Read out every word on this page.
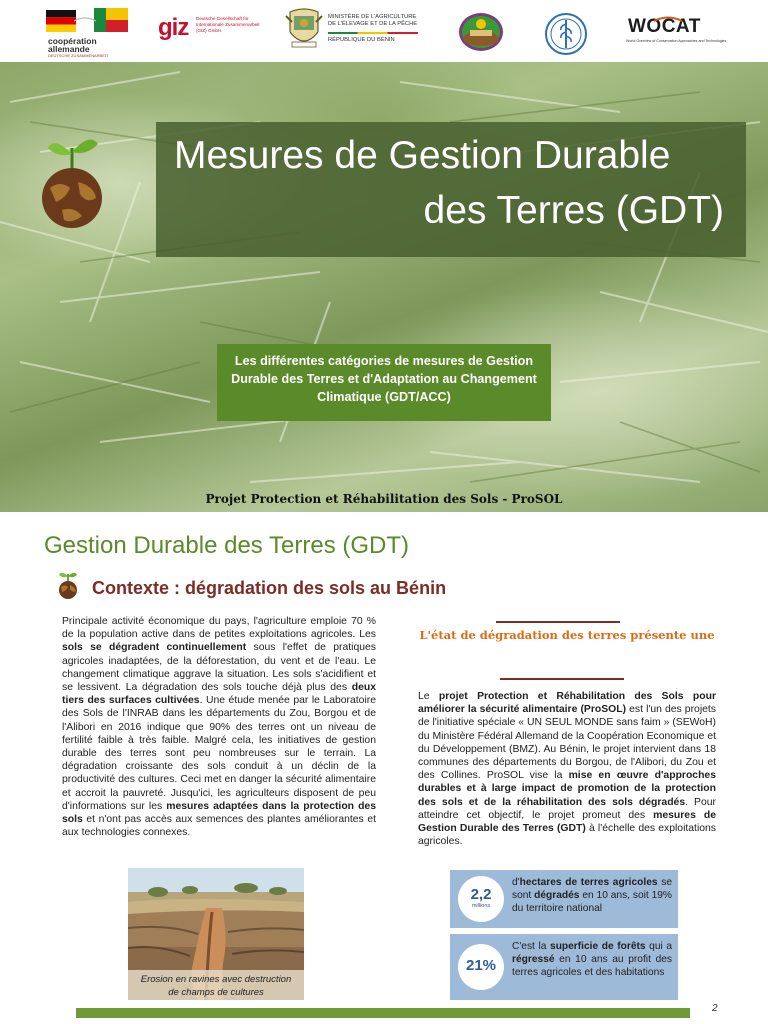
coopération
allemande
DEUTSCHE ZUSAMMENARBEIT
giz Deutsche Gesellschaft für Internationale Zusammenarbeit (GIZ) GmbH
MINISTÈRE DE L'AGRICULTURE
DE L'ÉLEVAGE ET DE LA PÊCHE
RÉPUBLIQUE DU BÉNIN
WOCAT
World Overview of Conservation Approaches and Technologies
Mesures de Gestion Durable
des Terres (GDT)

Les différentes catégories de mesures de Gestion Durable des Terres et d'Adaptation au Changement Climatique (GDT/ACC)

Projet Protection et Réhabilitation des Sols - ProSOL
Gestion Durable des Terres (GDT)
Contexte : dégradation des sols au Bénin
Principale activité économique du pays, l'agriculture emploie 70 % de la population active dans de petites exploitations agricoles. Les sols se dégradent continuellement sous l'effet de pratiques agricoles inadaptées, de la déforestation, du vent et de l'eau. Le changement climatique aggrave la situation. Les sols s'acidifient et se lessivent. La dégradation des sols touche déjà plus des deux tiers des surfaces cultivées. Une étude menée par le Laboratoire des Sols de l'INRAB dans les départements du Zou, Borgou et de l'Alibori en 2016 indique que 90% des terres ont un niveau de fertilité faible à très faible. Malgré cela, les initiatives de gestion durable des terres sont peu nombreuses sur le terrain. La dégradation croissante des sols conduit à un déclin de la productivité des cultures. Ceci met en danger la sécurité alimentaire et accroit la pauvreté. Jusqu'ici, les agriculteurs disposent de peu d'informations sur les mesures adaptées dans la protection des sols et n'ont pas accès aux semences des plantes améliorantes et aux technologies connexes.
L'état de dégradation des terres présente une
Le projet Protection et Réhabilitation des Sols pour améliorer la sécurité alimentaire (ProSOL) est l'un des projets de l'initiative spéciale « UN SEUL MONDE sans faim » (SEWoH) du Ministère Fédéral Allemand de la Coopération Economique et du Développement (BMZ). Au Bénin, le projet intervient dans 18 communes des départements du Borgou, de l'Alibori, du Zou et des Collines. ProSOL vise la mise en œuvre d'approches durables et à large impact de promotion de la protection des sols et de la réhabilitation des sols dégradés. Pour atteindre cet objectif, le projet promeut des mesures de Gestion Durable des Terres (GDT) à l'échelle des exploitations agricoles.
Erosion en ravines avec destruction
de champs de cultures
2,2
millions
d'hectares de terres agricoles se sont dégradés en 10 ans, soit 19% du territoire national
21%
C'est la superficie de forêts qui a régressé en 10 ans au profit des terres agricoles et des habitations
2
